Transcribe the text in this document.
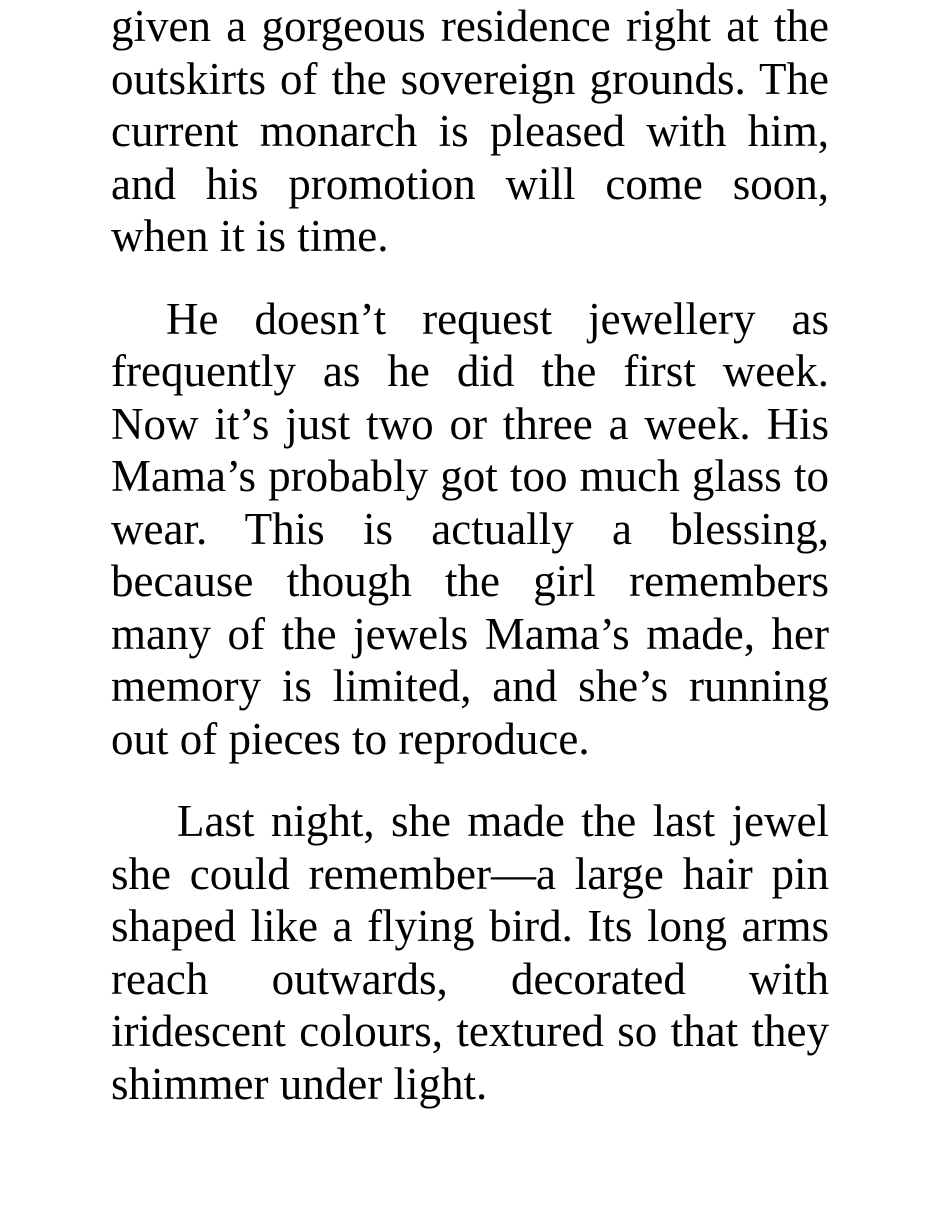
given a gorgeous residence right at the outskirts of the sovereign grounds. The current monarch is pleased with him, and his promotion will come soon, when it is time.

He doesn’t request jewellery as frequently as he did the first week. Now it’s just two or three a week. His Mama’s probably got too much glass to wear. This is actually a blessing, because though the girl remembers many of the jewels Mama’s made, her memory is limited, and she’s running out of pieces to reproduce.

Last night, she made the last jewel she could remember—a large hair pin shaped like a flying bird. Its long arms reach outwards, decorated with iridescent colours, textured so that they shimmer under light.
